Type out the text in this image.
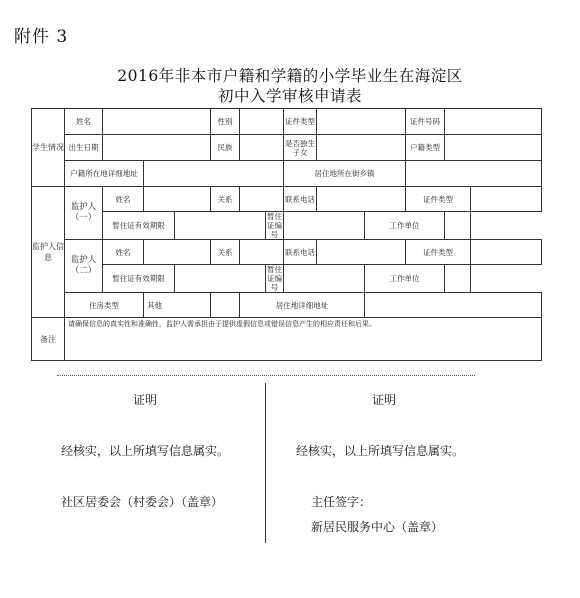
附件 3
2016年非本市户籍和学籍的小学毕业生在海淀区
初中入学审核申请表
学生情况	姓名				性别			证件类型			证件号码		
	出生日期				民族			是否独生子女			户籍类型		
	户籍所在地详细地址							居住地所在街乡镇					
监护人信息	监护人（一）	姓名			关系			联系电话			证件类型		
		暂住证有效期限					暂住证编号			工作单位			
	监护人（二）	姓名			关系			联系电话			证件类型		
		暂住证有效期限					暂住证编号			工作单位			
	住房类型		其他			居住地详细地址							
备注	请确保信息的真实性和准确性，监护人需承担由于提供虚假信息或错误信息产生的相应责任和后果。												
证明
经核实，以上所填写信息属实。
社区居委会（村委会）（盖章）
证明
经核实，以上所填写信息属实。
主任签字：
新居民服务中心（盖章）
